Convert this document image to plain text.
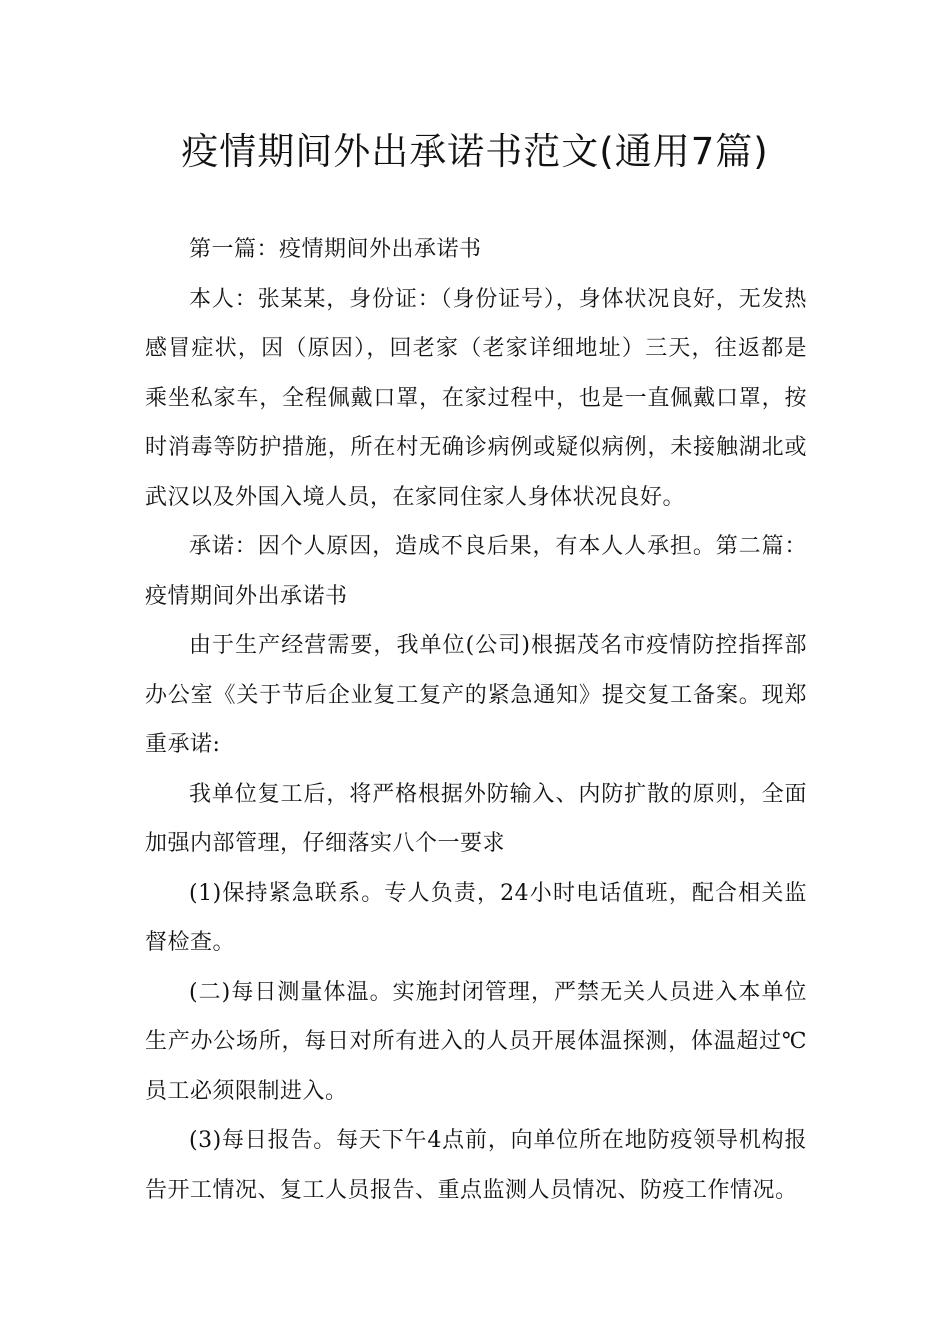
疫情期间外出承诺书范文(通用7篇)

第一篇：疫情期间外出承诺书

本人：张某某，身份证：（身份证号），身体状况良好，无发热感冒症状，因（原因），回老家（老家详细地址）三天，往返都是乘坐私家车，全程佩戴口罩，在家过程中，也是一直佩戴口罩，按时消毒等防护措施，所在村无确诊病例或疑似病例，未接触湖北或武汉以及外国入境人员，在家同住家人身体状况良好。

承诺：因个人原因，造成不良后果，有本人人承担。第二篇：疫情期间外出承诺书

由于生产经营需要，我单位(公司)根据茂名市疫情防控指挥部办公室《关于节后企业复工复产的紧急通知》提交复工备案。现郑重承诺:

我单位复工后，将严格根据外防输入、内防扩散的原则，全面加强内部管理，仔细落实八个一要求

(1)保持紧急联系。专人负责，24小时电话值班，配合相关监督检查。

(二)每日测量体温。实施封闭管理，严禁无关人员进入本单位生产办公场所，每日对所有进入的人员开展体温探测，体温超过℃员工必须限制进入。

(3)每日报告。每天下午4点前，向单位所在地防疫领导机构报告开工情况、复工人员报告、重点监测人员情况、防疫工作情况。
